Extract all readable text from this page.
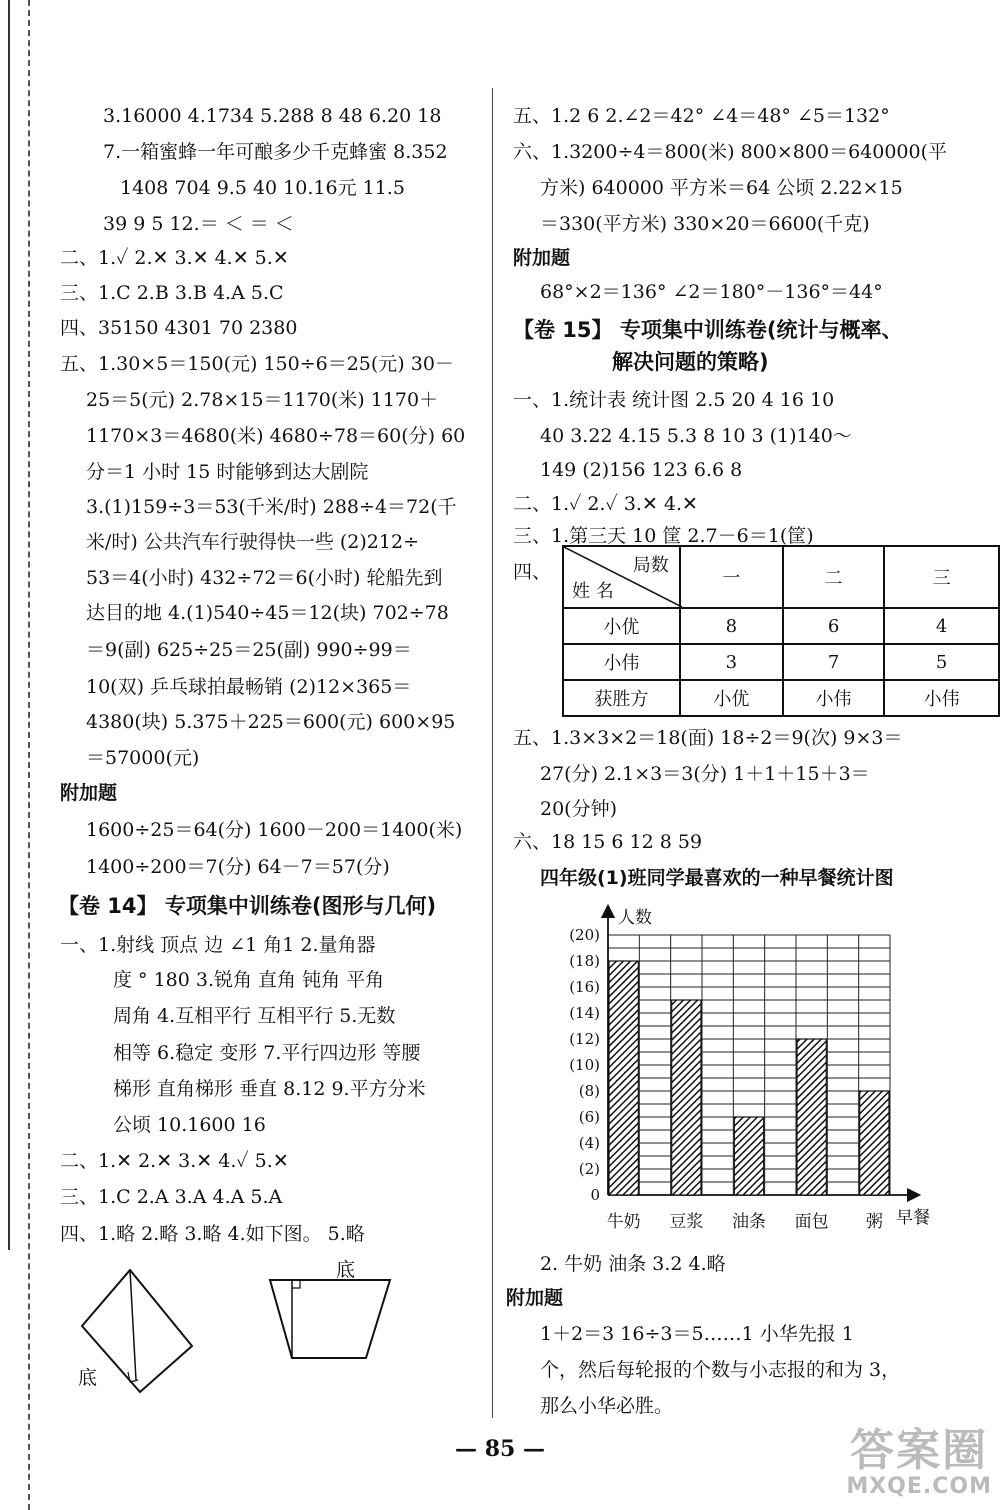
3.16000 4.1734 5.288 8 48 6.20 18
7.一箱蜜蜂一年可酿多少千克蜂蜜 8.352
1408 704 9.5 40 10.16元 11.5
39 9 5 12.＝ ＜ ＝ ＜
二、1.✓ 2.✕ 3.✕ 4.✕ 5.✕
三、1.C 2.B 3.B 4.A 5.C
四、35150 4301 70 2380
五、1.30×5＝150(元) 150÷6＝25(元) 30－
25＝5(元) 2.78×15＝1170(米) 1170＋
1170×3＝4680(米) 4680÷78＝60(分) 60
分＝1 小时 15 时能够到达大剧院
3.(1)159÷3＝53(千米/时) 288÷4＝72(千
米/时) 公共汽车行驶得快一些 (2)212÷
53＝4(小时) 432÷72＝6(小时) 轮船先到
达目的地 4.(1)540÷45＝12(块) 702÷78
＝9(副) 625÷25＝25(副) 990÷99＝
10(双) 乒乓球拍最畅销 (2)12×365＝
4380(块) 5.375＋225＝600(元) 600×95
＝57000(元)
附加题
1600÷25＝64(分) 1600－200＝1400(米)
1400÷200＝7(分) 64－7＝57(分)
【卷 14】 专项集中训练卷(图形与几何)
一、1.射线 顶点 边 ∠1 角1 2.量角器
度 ° 180 3.锐角 直角 钝角 平角
周角 4.互相平行 互相平行 5.无数
相等 6.稳定 变形 7.平行四边形 等腰
梯形 直角梯形 垂直 8.12 9.平方分米
公顷 10.1600 16
二、1.✕ 2.✕ 3.✕ 4.✓ 5.✕
三、1.C 2.A 3.A 4.A 5.A
四、1.略 2.略 3.略 4.如下图。 5.略
底
底
五、1.2 6 2.∠2＝42° ∠4＝48° ∠5＝132°
六、1.3200÷4＝800(米) 800×800＝640000(平
方米) 640000 平方米＝64 公顷 2.22×15
＝330(平方米) 330×20＝6600(千克)
附加题
68°×2＝136° ∠2＝180°－136°＝44°
【卷 15】 专项集中训练卷(统计与概率、
解决问题的策略)
一、1.统计表 统计图 2.5 20 4 16 10
40 3.22 4.15 5.3 8 10 3 (1)140～
149 (2)156 123 6.6 8
二、1.✓ 2.✓ 3.✕ 4.✕
三、1.第三天 10 筐 2.7－6＝1(筐)
四、	局数
姓 名	一	二	三
小优	8	6	4
小伟	3	7	5
获胜方	小优	小伟	小伟
五、1.3×3×2＝18(面) 18÷2＝9(次) 9×3＝
27(分) 2.1×3＝3(分) 1＋1＋15＋3＝
20(分钟)
六、18 15 6 12 8 59
四年级(1)班同学最喜欢的一种早餐统计图
0
(2)
(4)
(6)
(8)
(10)
(12)
(14)
(16)
(18)
(20)
牛奶 豆浆 油条 面包 粥
人数
早餐
2. 牛奶 油条 3.2 4.略
附加题
1＋2＝3 16÷3＝5……1 小华先报 1
个，然后每轮报的个数与小志报的和为 3，
那么小华必胜。
— 85 —	答案圈
MXQE.COM
